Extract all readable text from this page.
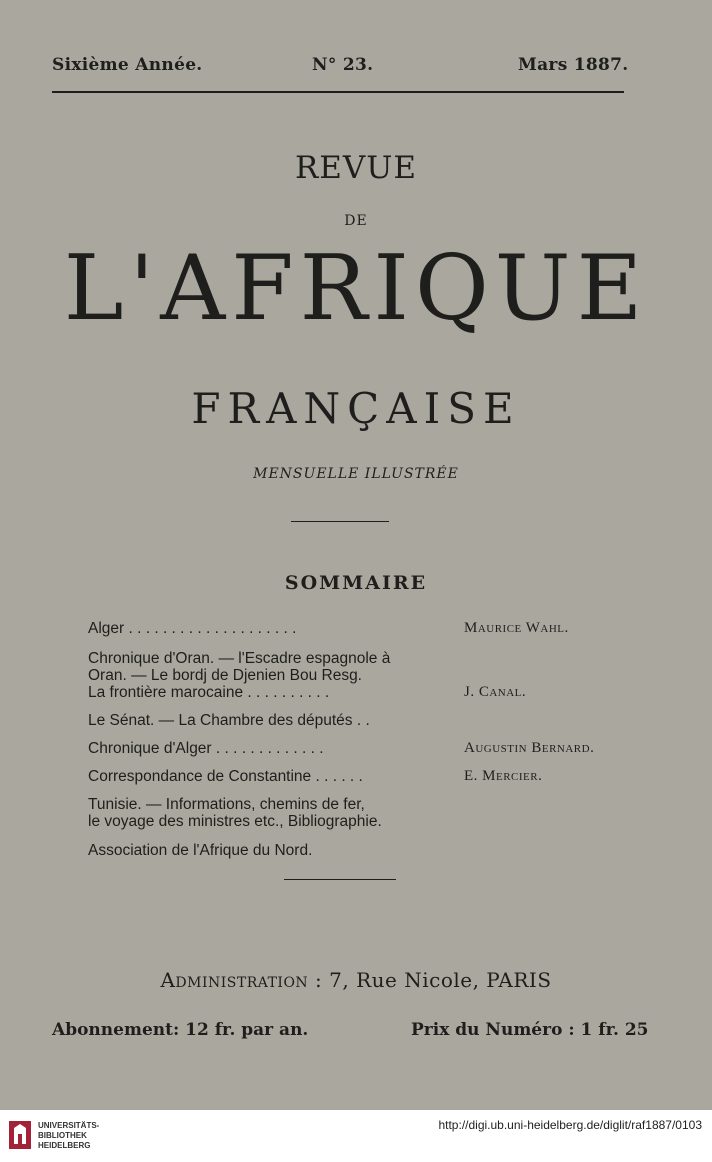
Sixième Année.	N° 23.	Mars 1887.
REVUE
DE
L'AFRIQUE
FRANÇAISE
MENSUELLE ILLUSTRÉE
SOMMAIRE
Alger . . . . . . . . . . . . . . . . . . . .	Maurice Wahl.
Chronique d'Oran. — l'Escadre espagnole à
Oran. — Le bordj de Djenien Bou Resg.
La frontière marocaine . . . . . . . . . .	J. Canal.
Le Sénat. — La Chambre des députés . .
Chronique d'Alger . . . . . . . . . . . . .	Augustin Bernard.
Correspondance de Constantine . . . . . .	E. Mercier.
Tunisie. — Informations, chemins de fer,
le voyage des ministres etc., Bibliographie.
Association de l'Afrique du Nord.
Administration : 7, Rue Nicole, PARIS
Abonnement: 12 fr. par an.	Prix du Numéro : 1 fr. 25
UNIVERSITÄTS-
BIBLIOTHEK
HEIDELBERG
http://digi.ub.uni-heidelberg.de/diglit/raf1887/0103
